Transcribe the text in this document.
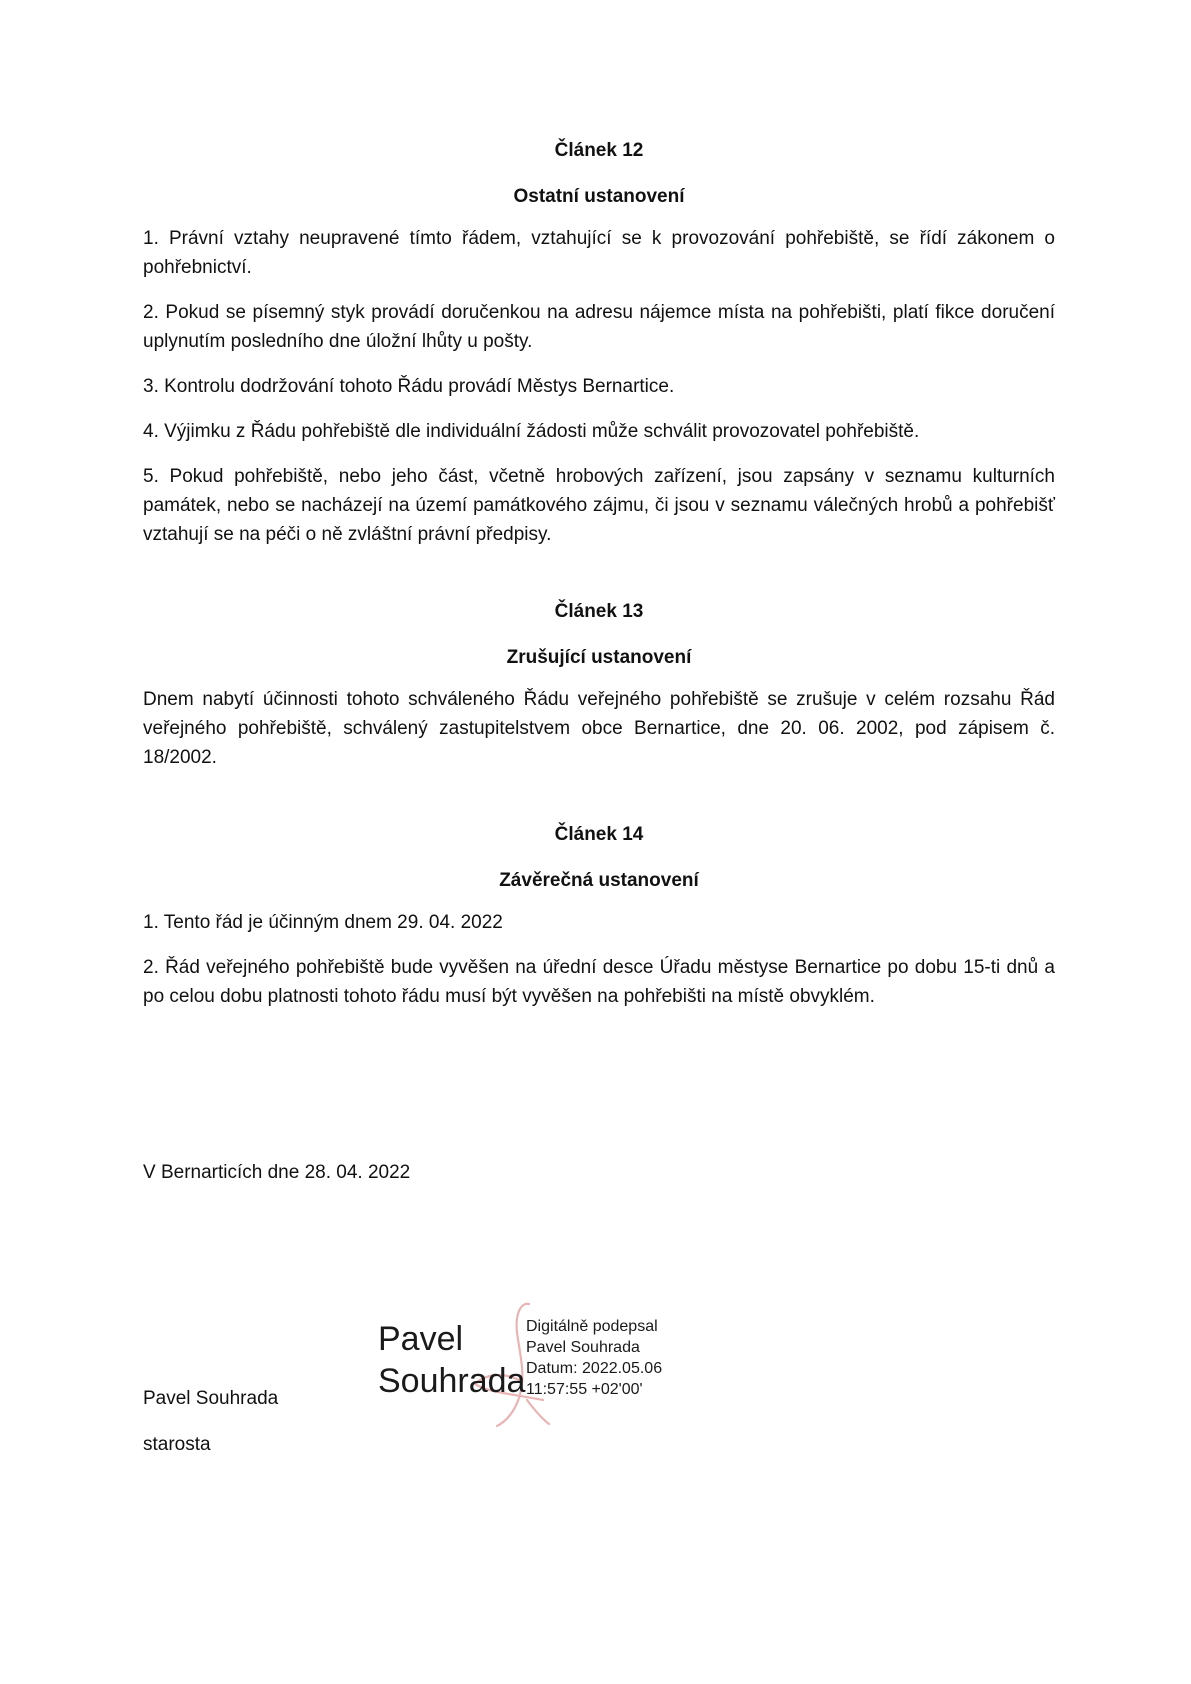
Článek 12
Ostatní ustanovení

1. Právní vztahy neupravené tímto řádem, vztahující se k provozování pohřebiště, se řídí zákonem o pohřebnictví.

2. Pokud se písemný styk provádí doručenkou na adresu nájemce místa na pohřebišti, platí fikce doručení uplynutím posledního dne úložní lhůty u pošty.

3. Kontrolu dodržování tohoto Řádu provádí Městys Bernartice.

4. Výjimku z Řádu pohřebiště dle individuální žádosti může schválit provozovatel pohřebiště.

5. Pokud pohřebiště, nebo jeho část, včetně hrobových zařízení, jsou zapsány v seznamu kulturních památek, nebo se nacházejí na území památkového zájmu, či jsou v seznamu válečných hrobů a pohřebišť vztahují se na péči o ně zvláštní právní předpisy.

Článek 13
Zrušující ustanovení

Dnem nabytí účinnosti tohoto schváleného Řádu veřejného pohřebiště se zrušuje v celém rozsahu Řád veřejného pohřebiště, schválený zastupitelstvem obce Bernartice, dne 20. 06. 2002, pod zápisem č. 18/2002.

Článek 14
Závěrečná ustanovení

1. Tento řád je účinným dnem 29. 04. 2022

2. Řád veřejného pohřebiště bude vyvěšen na úřední desce Úřadu městyse Bernartice po dobu 15-ti dnů a po celou dobu platnosti tohoto řádu musí být vyvěšen na pohřebišti na místě obvyklém.

V Bernarticích dne 28. 04. 2022

Pavel
Souhrada

Digitálně podepsal
Pavel Souhrada
Datum: 2022.05.06
11:57:55 +02'00'

Pavel Souhrada

starosta
